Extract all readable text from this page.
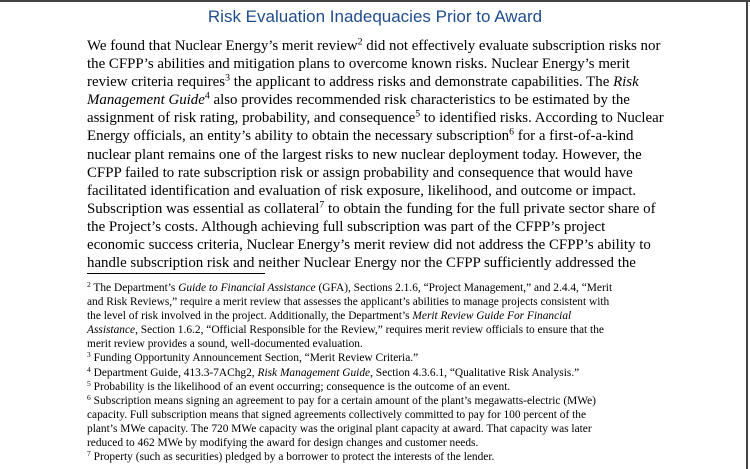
Risk Evaluation Inadequacies Prior to Award
We found that Nuclear Energy’s merit review$^2$ did not effectively evaluate subscription risks nor
the CFPP’s abilities and mitigation plans to overcome known risks. Nuclear Energy’s merit
review criteria requires$^3$ the applicant to address risks and demonstrate capabilities. The Risk
Management Guide$^4$ also provides recommended risk characteristics to be estimated by the
assignment of risk rating, probability, and consequence$^5$ to identified risks. According to Nuclear
Energy officials, an entity’s ability to obtain the necessary subscription$^6$ for a first-of-a-kind
nuclear plant remains one of the largest risks to new nuclear deployment today. However, the
CFPP failed to rate subscription risk or assign probability and consequence that would have
facilitated identification and evaluation of risk exposure, likelihood, and outcome or impact.
Subscription was essential as collateral$^7$ to obtain the funding for the full private sector share of
the Project’s costs. Although achieving full subscription was part of the CFPP’s project
economic success criteria, Nuclear Energy’s merit review did not address the CFPP’s ability to
handle subscription risk and neither Nuclear Energy nor the CFPP sufficiently addressed the
$^2$ The Department’s Guide to Financial Assistance (GFA), Sections 2.1.6, “Project Management,” and 2.4.4, “Merit
and Risk Reviews,” require a merit review that assesses the applicant’s abilities to manage projects consistent with
the level of risk involved in the project. Additionally, the Department’s Merit Review Guide For Financial
Assistance, Section 1.6.2, “Official Responsible for the Review,” requires merit review officials to ensure that the
merit review provides a sound, well-documented evaluation.
$^3$ Funding Opportunity Announcement Section, “Merit Review Criteria.”
$^4$ Department Guide, 413.3-7AChg2, Risk Management Guide, Section 4.3.6.1, “Qualitative Risk Analysis.”
$^5$ Probability is the likelihood of an event occurring; consequence is the outcome of an event.
$^6$ Subscription means signing an agreement to pay for a certain amount of the plant’s megawatts-electric (MWe)
capacity. Full subscription means that signed agreements collectively committed to pay for 100 percent of the
plant’s MWe capacity. The 720 MWe capacity was the original plant capacity at award. That capacity was later
reduced to 462 MWe by modifying the award for design changes and customer needs.
$^7$ Property (such as securities) pledged by a borrower to protect the interests of the lender.
